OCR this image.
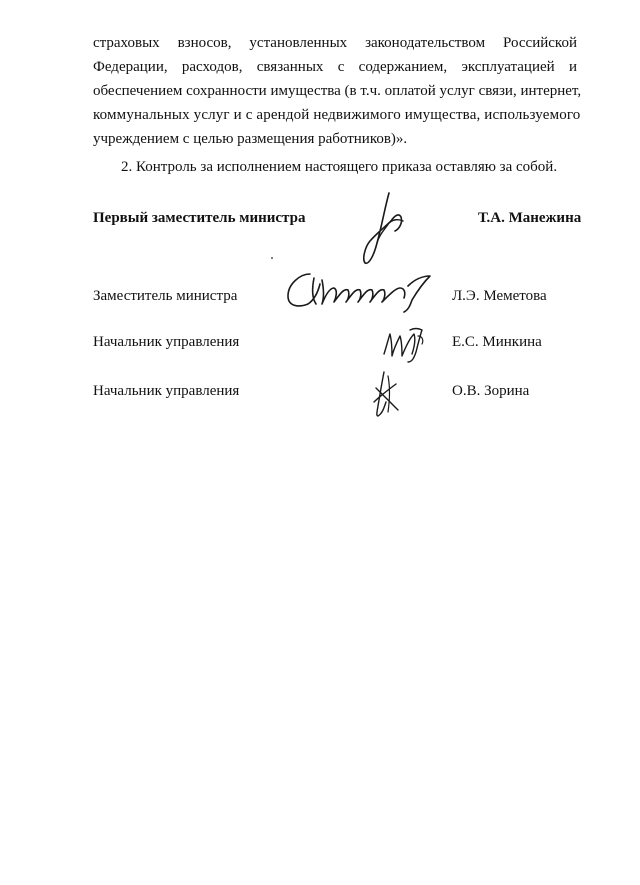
страховых взносов, установленных законодательством Российской
Федерации, расходов, связанных с содержанием, эксплуатацией и
обеспечением сохранности имущества (в т.ч. оплатой услуг связи, интернет,
коммунальных услуг и с арендой недвижимого имущества, используемого
учреждением с целью размещения работников)».
2. Контроль за исполнением настоящего приказа оставляю за собой.
Первый заместитель министра	Т.А. Манежина
Заместитель министра	Л.Э. Меметова
Начальник управления	Е.С. Минкина
Начальник управления	О.В. Зорина
